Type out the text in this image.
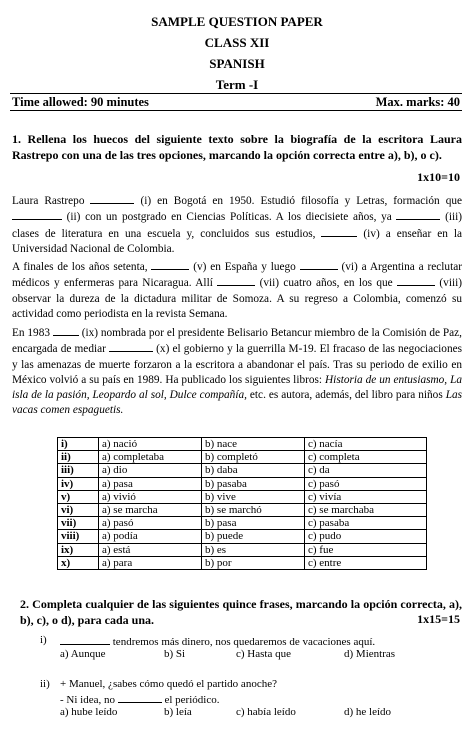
SAMPLE QUESTION PAPER
CLASS XII
SPANISH
Term -I
Time allowed: 90 minutes	Max. marks: 40
1. Rellena los huecos del siguiente texto sobre la biografía de la escritora Laura Rastrepo con una de las tres opciones, marcando la opción correcta entre a), b), o c).
1x10=10
Laura Rastrepo	(i) en Bogotá en 1950. Estudió filosofía y Letras, formación que  (ii) con un postgrado en Ciencias Políticas. A los diecisiete años, ya	(iii) clases de literatura en una escuela y, concluidos sus estudios,	(iv) a enseñar en la Universidad Nacional de Colombia.
A finales de los años setenta,	(v) en España y luego	(vi) a Argentina a reclutar médicos y enfermeras para Nicaragua. Allí	(vii) cuatro años, en los que	(viii) observar la dureza de la dictadura militar de Somoza. A su regreso a Colombia, comenzó su actividad como periodista en la revista Semana.
En 1983	(ix) nombrada por el presidente Belisario Betancur miembro de la Comisión de Paz, encargada de mediar	(x) el gobierno y la guerrilla M-19. El fracaso de las negociaciones y las amenazas de muerte forzaron a la escritora a abandonar el país. Tras su periodo de exilio en México volvió a su país en 1989. Ha publicado los siguientes libros: Historia de un entusiasmo, La isla de la pasión, Leopardo al sol, Dulce compañía, etc. es autora, además, del libro para niños Las vacas comen espaguetis.
i)	a) nació	b) nace	c) nacía
ii)	a) completaba	b) completó	c) completa
iii)	a) dio	b) daba	c) da
iv)	a) pasa	b) pasaba	c) pasó
v)	a) vivió	b) vive	c) vivía
vi)	a) se marcha	b) se marchó	c) se marchaba
vii)	a) pasó	b) pasa	c) pasaba
viii)	a) podía	b) puede	c) pudo
ix)	a) está	b) es	c) fue
x)	a) para	b) por	c) entre
2. Completa cualquier de las siguientes quince frases, marcando la opción correcta, a), b), c), o d), para cada una.	1x15=15
i)	tendremos más dinero, nos quedaremos de vacaciones aquí.
a) Aunque	b) Si	c) Hasta que	d) Mientras
ii) + Manuel, ¿sabes cómo quedó el partido anoche?
- Ni idea, no	el periódico.
a) hube leído	b) leía	c) había leído	d) he leído
